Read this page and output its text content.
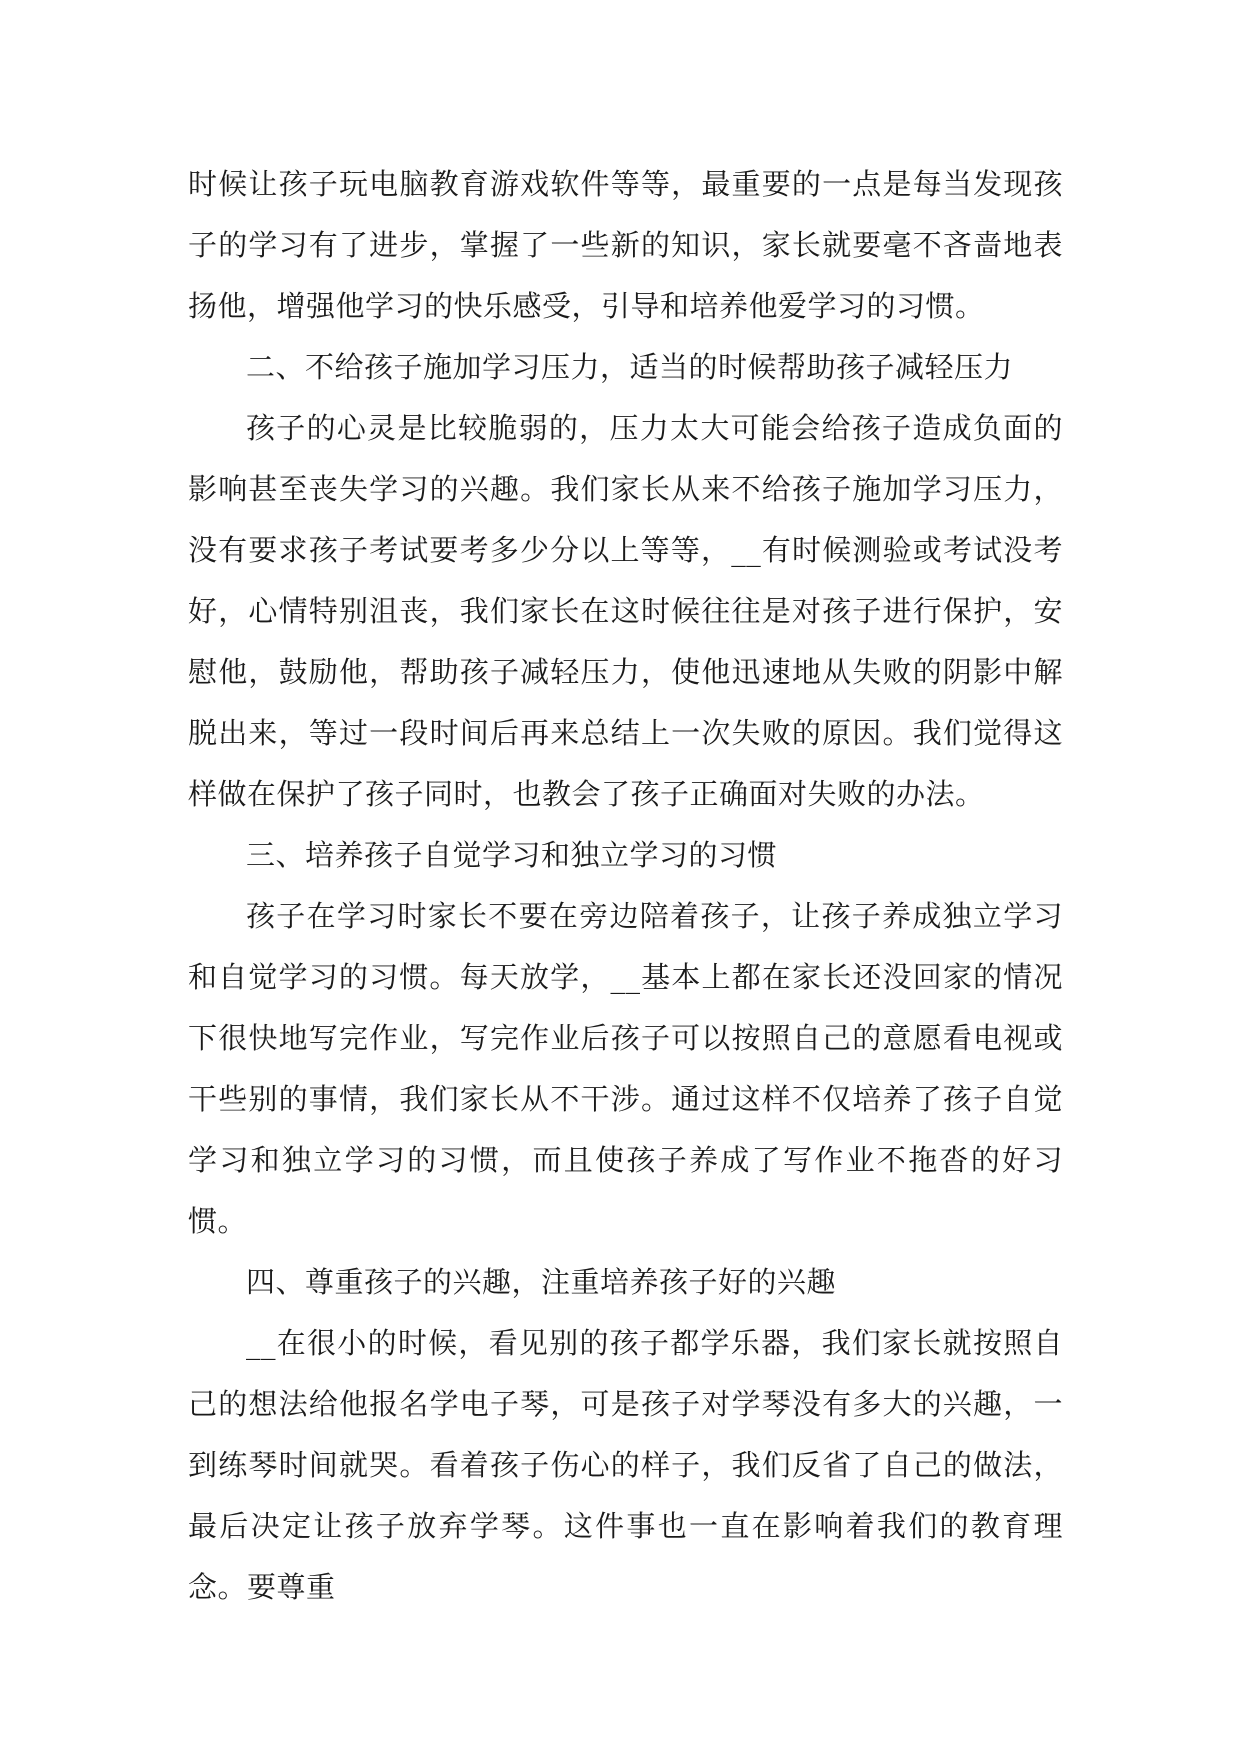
时候让孩子玩电脑教育游戏软件等等，最重要的一点是每当发现孩子的学习有了进步，掌握了一些新的知识，家长就要毫不吝啬地表扬他，增强他学习的快乐感受，引导和培养他爱学习的习惯。

二、不给孩子施加学习压力，适当的时候帮助孩子减轻压力

孩子的心灵是比较脆弱的，压力太大可能会给孩子造成负面的影响甚至丧失学习的兴趣。我们家长从来不给孩子施加学习压力，没有要求孩子考试要考多少分以上等等，__有时候测验或考试没考好，心情特别沮丧，我们家长在这时候往往是对孩子进行保护，安慰他，鼓励他，帮助孩子减轻压力，使他迅速地从失败的阴影中解脱出来，等过一段时间后再来总结上一次失败的原因。我们觉得这样做在保护了孩子同时，也教会了孩子正确面对失败的办法。

三、培养孩子自觉学习和独立学习的习惯

孩子在学习时家长不要在旁边陪着孩子，让孩子养成独立学习和自觉学习的习惯。每天放学，__基本上都在家长还没回家的情况下很快地写完作业，写完作业后孩子可以按照自己的意愿看电视或干些别的事情，我们家长从不干涉。通过这样不仅培养了孩子自觉学习和独立学习的习惯，而且使孩子养成了写作业不拖沓的好习惯。

四、尊重孩子的兴趣，注重培养孩子好的兴趣

__在很小的时候，看见别的孩子都学乐器，我们家长就按照自己的想法给他报名学电子琴，可是孩子对学琴没有多大的兴趣，一到练琴时间就哭。看着孩子伤心的样子，我们反省了自己的做法，最后决定让孩子放弃学琴。这件事也一直在影响着我们的教育理念。要尊重
